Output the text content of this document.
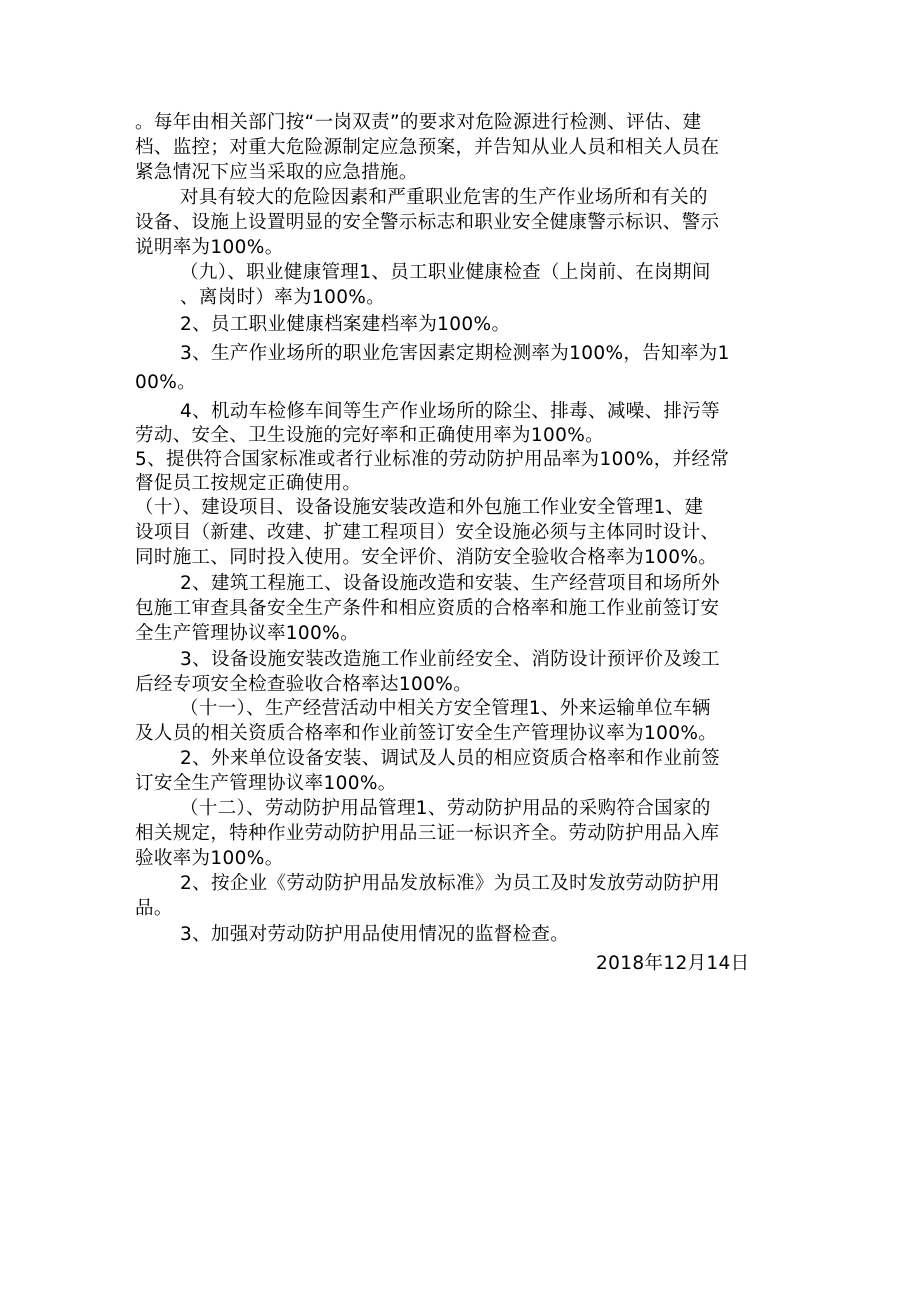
。每年由相关部门按“一岗双责”的要求对危险源进行检测、评估、建

档、监控；对重大危险源制定应急预案，并告知从业人员和相关人员在

紧急情况下应当采取的应急措施。

对具有较大的危险因素和严重职业危害的生产作业场所和有关的

设备、设施上设置明显的安全警示标志和职业安全健康警示标识、警示

说明率为100%。

（九）、职业健康管理1、员工职业健康检查（上岗前、在岗期间

、离岗时）率为100%。

2、员工职业健康档案建档率为100%。

3、生产作业场所的职业危害因素定期检测率为100%，告知率为1

00%。

4、机动车检修车间等生产作业场所的除尘、排毒、减噪、排污等

劳动、安全、卫生设施的完好率和正确使用率为100%。

5、提供符合国家标准或者行业标准的劳动防护用品率为100%，并经常

督促员工按规定正确使用。

（十）、建设项目、设备设施安装改造和外包施工作业安全管理1、建

设项目（新建、改建、扩建工程项目）安全设施必须与主体同时设计、

同时施工、同时投入使用。安全评价、消防安全验收合格率为100%。

2、建筑工程施工、设备设施改造和安装、生产经营项目和场所外

包施工审查具备安全生产条件和相应资质的合格率和施工作业前签订安

全生产管理协议率100%。

3、设备设施安装改造施工作业前经安全、消防设计预评价及竣工

后经专项安全检查验收合格率达100%。

（十一）、生产经营活动中相关方安全管理1、外来运输单位车辆

及人员的相关资质合格率和作业前签订安全生产管理协议率为100%。

2、外来单位设备安装、调试及人员的相应资质合格率和作业前签

订安全生产管理协议率100%。

（十二）、劳动防护用品管理1、劳动防护用品的采购符合国家的

相关规定，特种作业劳动防护用品三证一标识齐全。劳动防护用品入库

验收率为100%。

2、按企业《劳动防护用品发放标准》为员工及时发放劳动防护用

品。

3、加强对劳动防护用品使用情况的监督检查。

2018年12月14日
